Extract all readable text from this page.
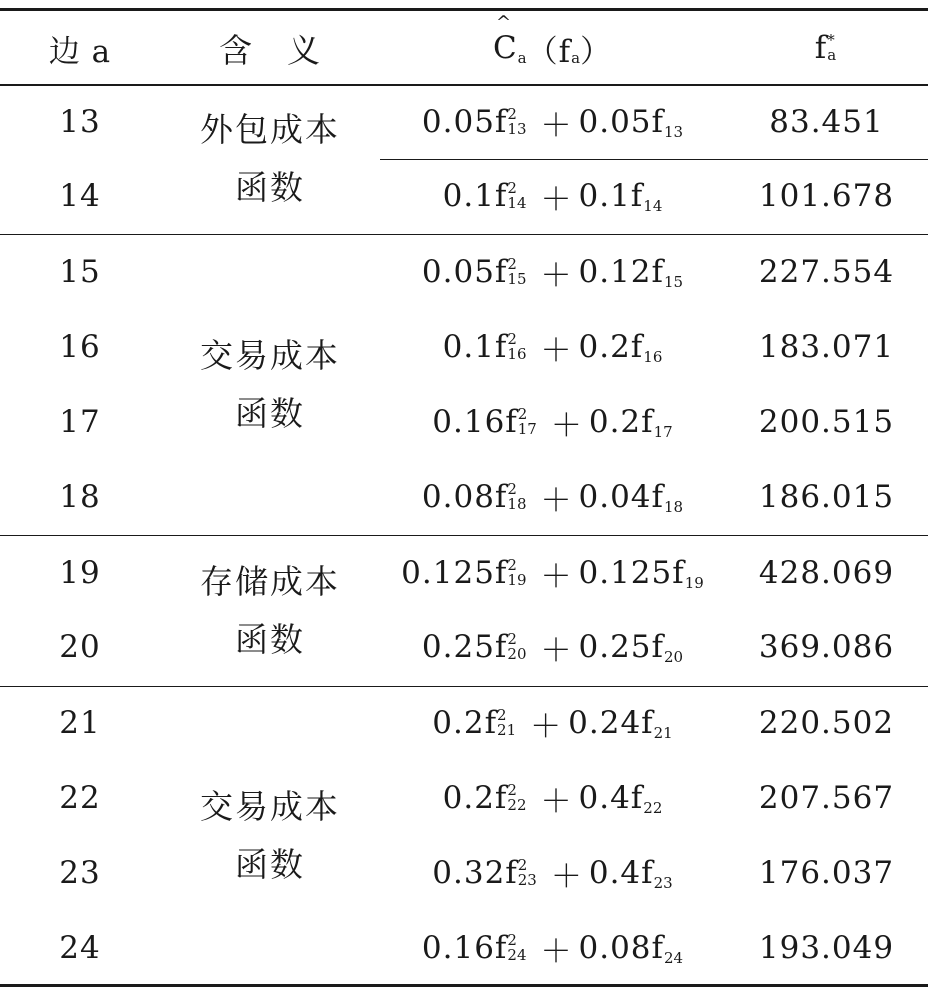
边 a	含　义
^	C a （f a ）	f *
a
外包成本
函数
交易成本
函数
存储成本
函数
交易成本
函数
13	0.05f 2
13 ＋ 0.05f 13	83.451
14	0.1f 2
14 ＋ 0.1f 14	101.678
15	0.05f 2
15 ＋ 0.12f 15	227.554
16	0.1f 2
16 ＋ 0.2f 16	183.071
17	0.16f 2
17 ＋ 0.2f 17	200.515
18	0.08f 2
18 ＋ 0.04f 18	186.015
19	0.125f 2
19 ＋ 0.125f 19	428.069
20	0.25f 2
20 ＋ 0.25f 20	369.086
21	0.2f 2
21 ＋ 0.24f 21	220.502
22	0.2f 2
22 ＋ 0.4f 22	207.567
23	0.32f 2
23 ＋ 0.4f 23	176.037
24	0.16f 2
24 ＋ 0.08f 24	193.049
